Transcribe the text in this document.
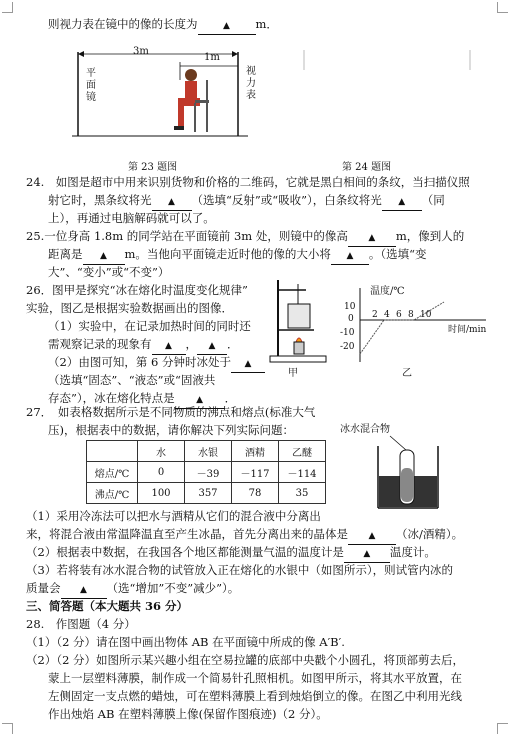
则视力表在镜中的像的长度为	▲ m．
3m
1m
平面镜
视力表
第 23 题图	第 24 题图
24.　如图是超市中用来识别货物和价格的二维码，它就是黑白相间的条纹，当扫描仪照
射它时，黑条纹将光 ▲ （选填“反射”或“吸收”），白条纹将光 ▲ （同
上），再通过电脑解码就可以了。
25.一位身高 1.8m 的同学站在平面镜前 3m 处，则镜中的像高 ▲ m，像到人的
距离是 ▲ m。当他向平面镜走近时他的像的大小将 ▲ 。（选填“变
大”、“变小”或“不变”）
26．图甲是探究“冰在熔化时温度变化规律”
实验，图乙是根据实验数据画出的图像．
（1）实验中，在记录加热时间的同时还
需观察记录的现象有 ▲ ， ▲ ．
（2）由图可知，第 6 分钟时冰处于 ▲
（选填“固态”、“液态”或“固液共
存态”），冰在熔化特点是 ▲ ．
甲
温度/℃
时间/min
10
0
-10
-20
2 4 6 8 10
乙
27．　如表格数据所示是不同物质的沸点和熔点(标准大气
压)，根据表中的数据，请你解决下列实际问题：
	水	水银	酒精	乙醚
熔点/℃	0	－39	－117	－114
沸点/℃	100	357	78	35
冰水混合物
（1）采用冷冻法可以把水与酒精从它们的混合液中分离出
来，将混合液由常温降温直至产生冰晶，首先分离出来的晶体是 ▲ （冰/酒精）。
（2）根据表中数据，在我国各个地区都能测量气温的温度计是 ▲ 温度计。
（3）若将装有冰水混合物的试管放入正在熔化的水银中（如图所示），则试管内冰的
质量会 ▲ （选“增加”不变”减少”）。
三、简答题（本大题共 36 分）
28.　作图题（4 分）
（1）（2 分）请在图中画出物体 AB 在平面镜中所成的像 A′B′.
（2）（2 分）如图所示某兴趣小组在空易拉罐的底部中央戳个小圆孔，将顶部剪去后，
蒙上一层塑料薄膜，制作成一个简易针孔照相机。如图甲所示，将其水平放置，在
左侧固定一支点燃的蜡烛，可在塑料薄膜上看到烛焰倒立的像。在图乙中利用光线
作出烛焰 AB 在塑料薄膜上像(保留作图痕迹)（2 分）。
